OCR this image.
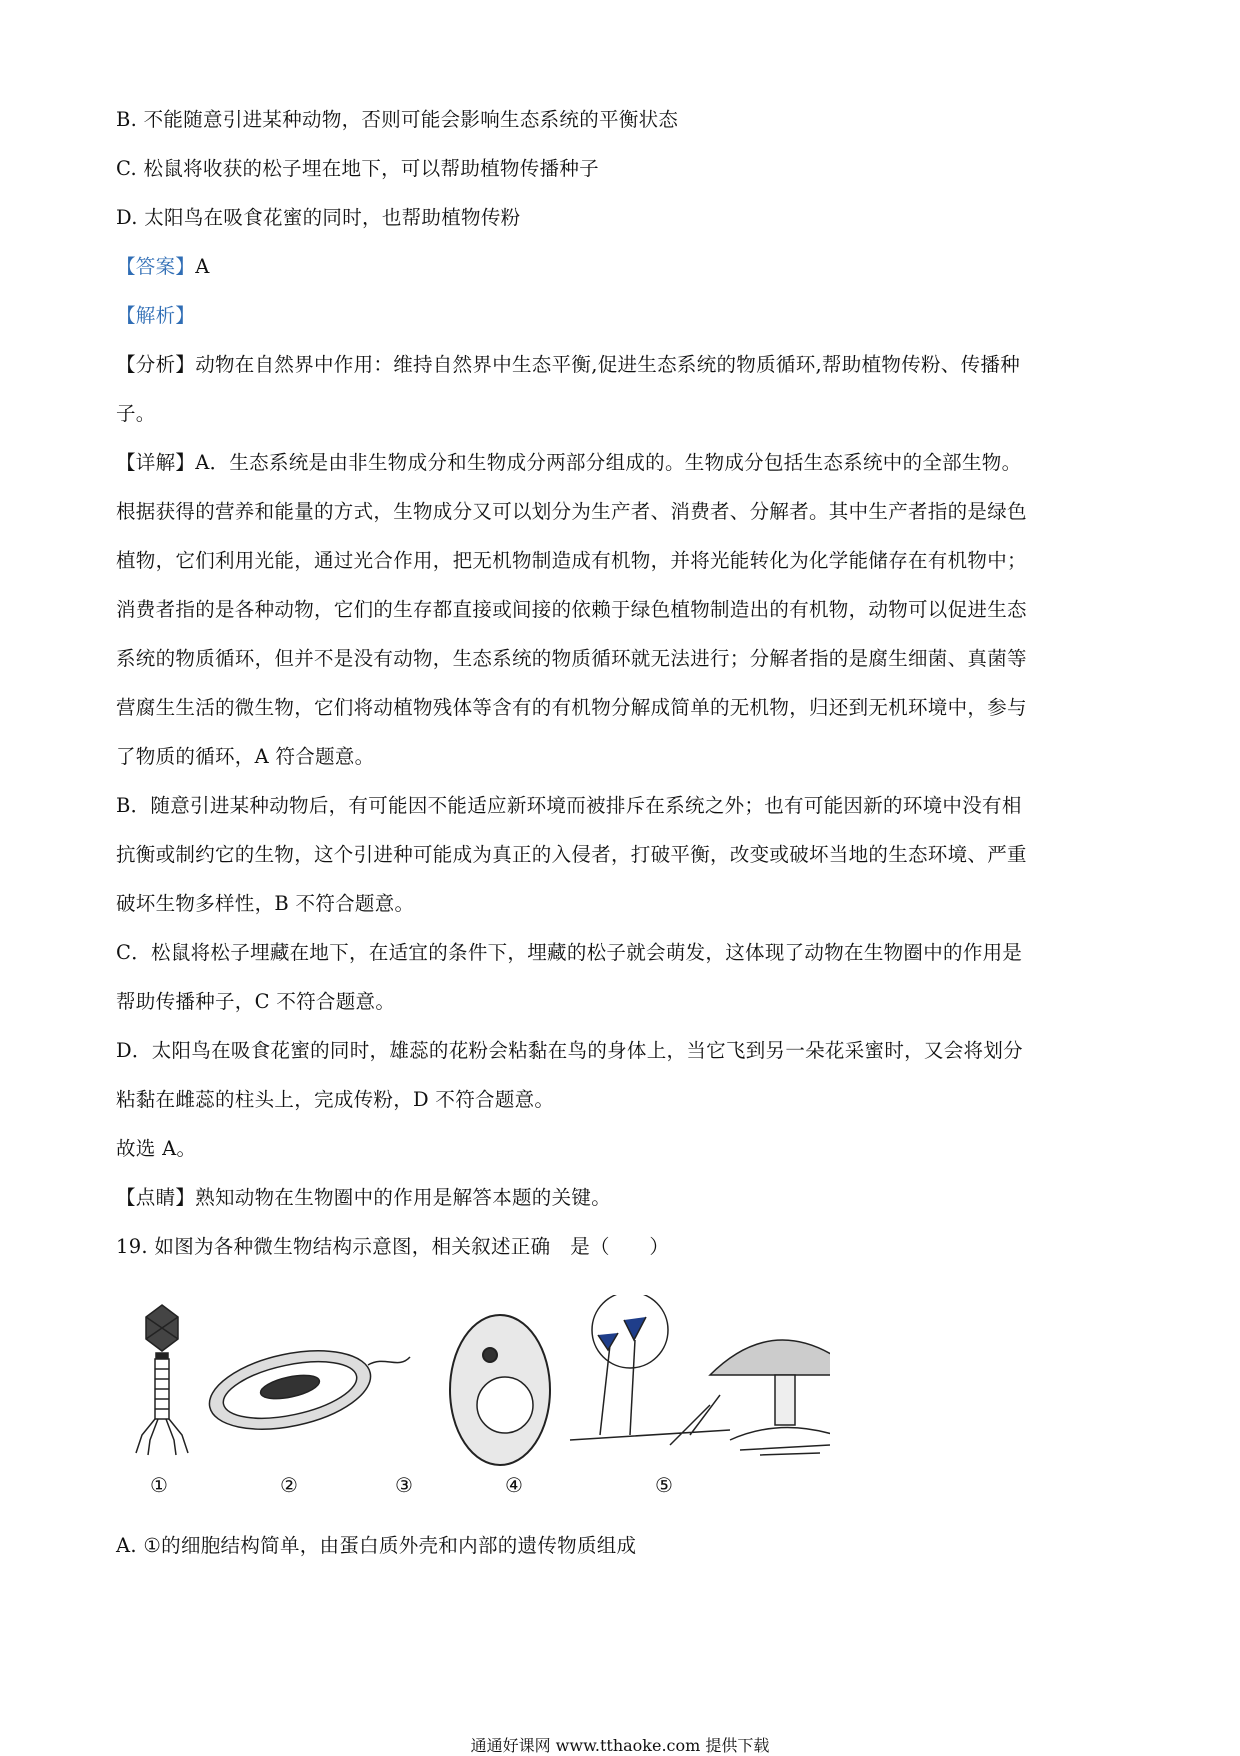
B. 不能随意引进某种动物，否则可能会影响生态系统的平衡状态
C. 松鼠将收获的松子埋在地下，可以帮助植物传播种子
D. 太阳鸟在吸食花蜜的同时，也帮助植物传粉
【答案】A
【解析】
【分析】动物在自然界中作用：维持自然界中生态平衡,促进生态系统的物质循环,帮助植物传粉、传播种
子。
【详解】A．生态系统是由非生物成分和生物成分两部分组成的。生物成分包括生态系统中的全部生物。
根据获得的营养和能量的方式，生物成分又可以划分为生产者、消费者、分解者。其中生产者指的是绿色
植物，它们利用光能，通过光合作用，把无机物制造成有机物，并将光能转化为化学能储存在有机物中；
消费者指的是各种动物，它们的生存都直接或间接的依赖于绿色植物制造出的有机物，动物可以促进生态
系统的物质循环，但并不是没有动物，生态系统的物质循环就无法进行；分解者指的是腐生细菌、真菌等
营腐生生活的微生物，它们将动植物残体等含有的有机物分解成简单的无机物，归还到无机环境中，参与
了物质的循环，A 符合题意。
B．随意引进某种动物后，有可能因不能适应新环境而被排斥在系统之外；也有可能因新的环境中没有相
抗衡或制约它的生物，这个引进种可能成为真正的入侵者，打破平衡，改变或破坏当地的生态环境、严重
破坏生物多样性，B 不符合题意。
C．松鼠将松子埋藏在地下，在适宜的条件下，埋藏的松子就会萌发，这体现了动物在生物圈中的作用是
帮助传播种子，C 不符合题意。
D．太阳鸟在吸食花蜜的同时，雄蕊的花粉会粘黏在鸟的身体上，当它飞到另一朵花采蜜时，又会将划分
粘黏在雌蕊的柱头上，完成传粉，D 不符合题意。
故选 A。
【点睛】熟知动物在生物圈中的作用是解答本题的关键。
19. 如图为各种微生物结构示意图，相关叙述正确　是（　　）
①	②	③	④	⑤
A. ①的细胞结构简单，由蛋白质外壳和内部的遗传物质组成
通通好课网 www.tthaoke.com 提供下载
